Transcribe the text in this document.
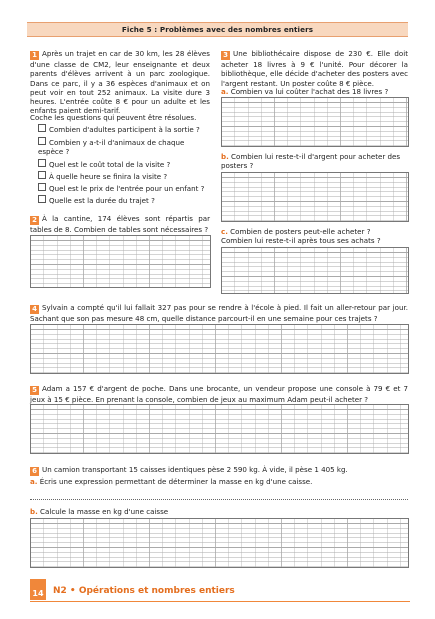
Fiche 5 : Problèmes avec des nombres entiers
1 Après un trajet en car de 30 km, les 28 élèves d'une classe de CM2, leur enseignante et deux parents d'élèves arrivent à un parc zoologique. Dans ce parc, il y a 36 espèces d'animaux et on peut voir en tout 252 animaux. La visite dure 3 heures. L'entrée coûte 8 € pour un adulte et les enfants paient demi-tarif.
Coche les questions qui peuvent être résolues.
Combien d'adultes participent à la sortie ?
Combien y a-t-il d'animaux de chaque espèce ?
Quel est le coût total de la visite ?
À quelle heure se finira la visite ?
Quel est le prix de l'entrée pour un enfant ?
Quelle est la durée du trajet ?
2 À la cantine, 174 élèves sont répartis par tables de 8. Combien de tables sont nécessaires ?
3 Une bibliothécaire dispose de 230 €. Elle doit acheter 18 livres à 9 € l'unité. Pour décorer la bibliothèque, elle décide d'acheter des posters avec l'argent restant. Un poster coûte 8 € pièce.
a. Combien va lui coûter l'achat des 18 livres ?
b. Combien lui reste-t-il d'argent pour acheter des posters ?
c. Combien de posters peut-elle acheter ?
Combien lui reste-t-il après tous ses achats ?
4 Sylvain a compté qu'il lui fallait 327 pas pour se rendre à l'école à pied. Il fait un aller-retour par jour. Sachant que son pas mesure 48 cm, quelle distance parcourt-il en une semaine pour ces trajets ?
5 Adam a 157 € d'argent de poche. Dans une brocante, un vendeur propose une console à 79 € et 7 jeux à 15 € pièce. En prenant la console, combien de jeux au maximum Adam peut-il acheter ?
6 Un camion transportant 15 caisses identiques pèse 2 590 kg. À vide, il pèse 1 405 kg.
a. Écris une expression permettant de déterminer la masse en kg d'une caisse.
b. Calcule la masse en kg d'une caisse
14 N2 • Opérations et nombres entiers
